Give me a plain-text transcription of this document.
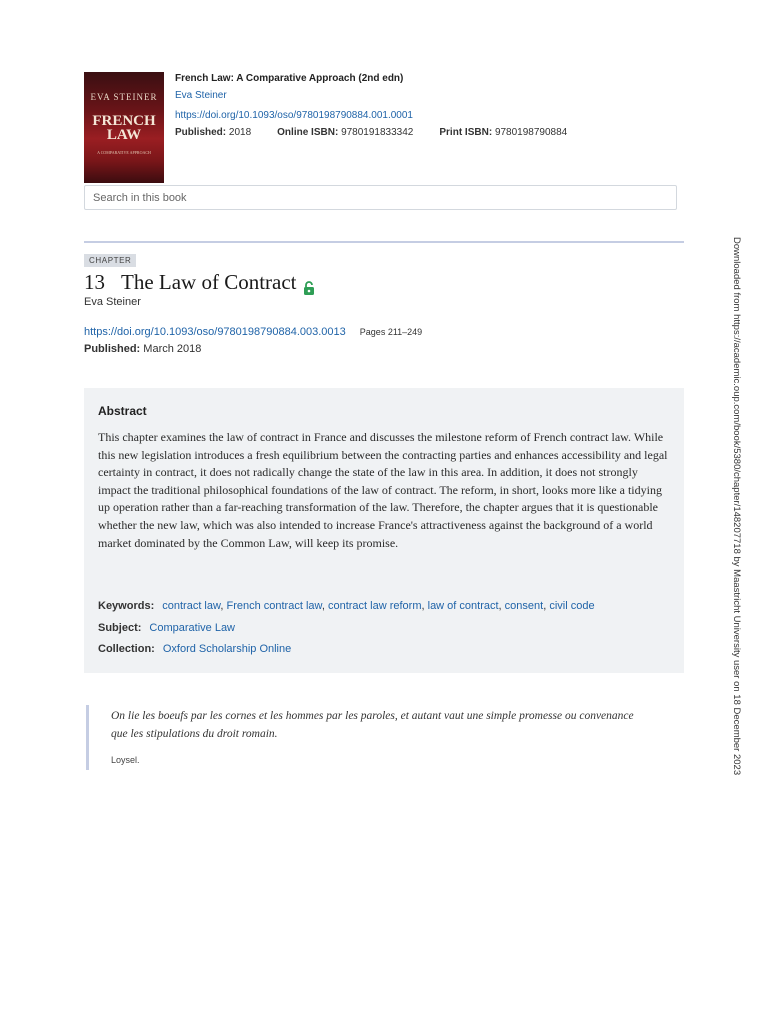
EVA STEINER
FRENCH
LAW
A COMPARATIVE APPROACH
French Law: A Comparative Approach (2nd edn)
Eva Steiner
https://doi.org/10.1093/oso/9780198790884.001.0001
Published: 2018	Online ISBN: 9780191833342	Print ISBN: 9780198790884
Search in this book
CHAPTER
13 The Law of Contract
Eva Steiner
https://doi.org/10.1093/oso/9780198790884.003.0013 Pages 211–249
Published: March 2018
Abstract
This chapter examines the law of contract in France and discusses the milestone reform of French contract law. While this new legislation introduces a fresh equilibrium between the contracting parties and enhances accessibility and legal certainty in contract, it does not radically change the state of the law in this area. In addition, it does not strongly impact the traditional philosophical foundations of the law of contract. The reform, in short, looks more like a tidying up operation rather than a far-reaching transformation of the law. Therefore, the chapter argues that it is questionable whether the new law, which was also intended to increase France's attractiveness against the background of a world market dominated by the Common Law, will keep its promise.
Keywords: contract law, French contract law, contract law reform, law of contract, consent, civil code
Subject: Comparative Law
Collection: Oxford Scholarship Online
On lie les boeufs par les cornes et les hommes par les paroles, et autant vaut une simple promesse ou convenance que les stipulations du droit romain.
Loysel.	Downloaded from https://academic.oup.com/book/5380/chapter/148207718 by Maastricht University user on 18 December 2023
